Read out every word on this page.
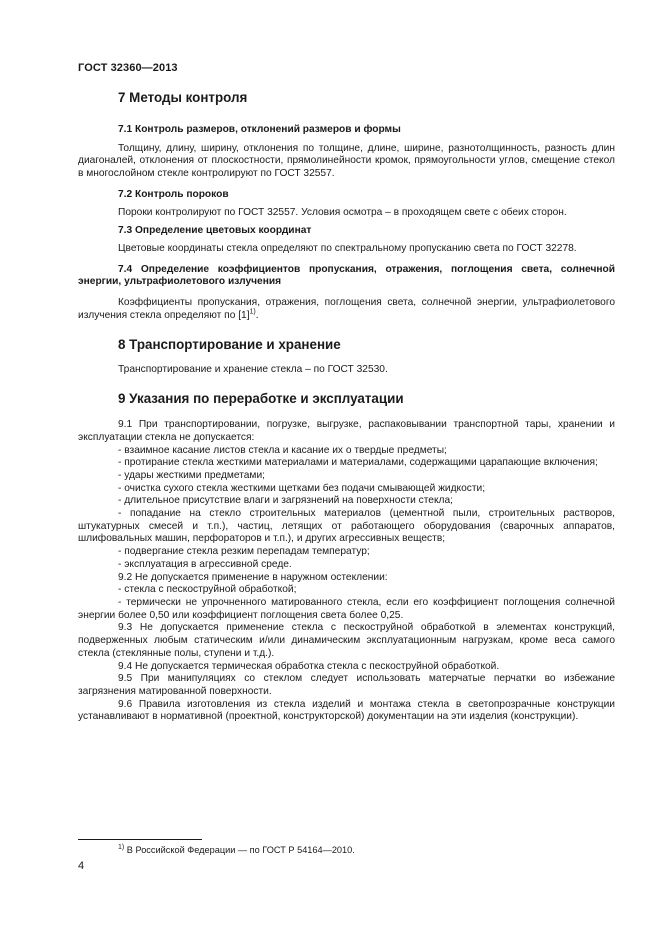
ГОСТ 32360—2013
7 Методы контроля
7.1 Контроль размеров, отклонений размеров и формы
Толщину, длину, ширину, отклонения по толщине, длине, ширине, разнотолщинность, разность длин диагоналей, отклонения от плоскостности, прямолинейности кромок, прямоугольности углов, смещение стекол в многослойном стекле контролируют по ГОСТ 32557.
7.2 Контроль пороков
Пороки контролируют по ГОСТ 32557. Условия осмотра – в проходящем свете с обеих сторон.
7.3 Определение цветовых координат
Цветовые координаты стекла определяют по спектральному пропусканию света по ГОСТ 32278.
7.4 Определение коэффициентов пропускания, отражения, поглощения света, солнечной энергии, ультрафиолетового излучения
Коэффициенты пропускания, отражения, поглощения света, солнечной энергии, ультрафиолетового излучения стекла определяют по $[1]^{1)}$.
8 Транспортирование и хранение
Транспортирование и хранение стекла – по ГОСТ 32530.
9 Указания по переработке и эксплуатации
9.1 При транспортировании, погрузке, выгрузке, распаковывании транспортной тары, хранении и эксплуатации стекла не допускается:
- взаимное касание листов стекла и касание их о твердые предметы;
- протирание стекла жесткими материалами и материалами, содержащими царапающие включения;
- удары жесткими предметами;
- очистка сухого стекла жесткими щетками без подачи смывающей жидкости;
- длительное присутствие влаги и загрязнений на поверхности стекла;
- попадание на стекло строительных материалов (цементной пыли, строительных растворов, штукатурных смесей и т.п.), частиц, летящих от работающего оборудования (сварочных аппаратов, шлифовальных машин, перфораторов и т.п.), и других агрессивных веществ;
- подвергание стекла резким перепадам температур;
- эксплуатация в агрессивной среде.
9.2 Не допускается применение в наружном остеклении:
- стекла с пескоструйной обработкой;
- термически не упрочненного матированного стекла, если его коэффициент поглощения солнечной энергии более 0,50 или коэффициент поглощения света более 0,25.
9.3 Не допускается применение стекла с пескоструйной обработкой в элементах конструкций, подверженных любым статическим и/или динамическим эксплуатационным нагрузкам, кроме веса самого стекла (стеклянные полы, ступени и т.д.).
9.4 Не допускается термическая обработка стекла с пескоструйной обработкой.
9.5 При манипуляциях со стеклом следует использовать матерчатые перчатки во избежание загрязнения матированной поверхности.
9.6 Правила изготовления из стекла изделий и монтажа стекла в светопрозрачные конструкции устанавливают в нормативной (проектной, конструкторской) документации на эти изделия (конструкции).
$^{1)}$ В Российской Федерации — по ГОСТ Р 54164—2010.
4
